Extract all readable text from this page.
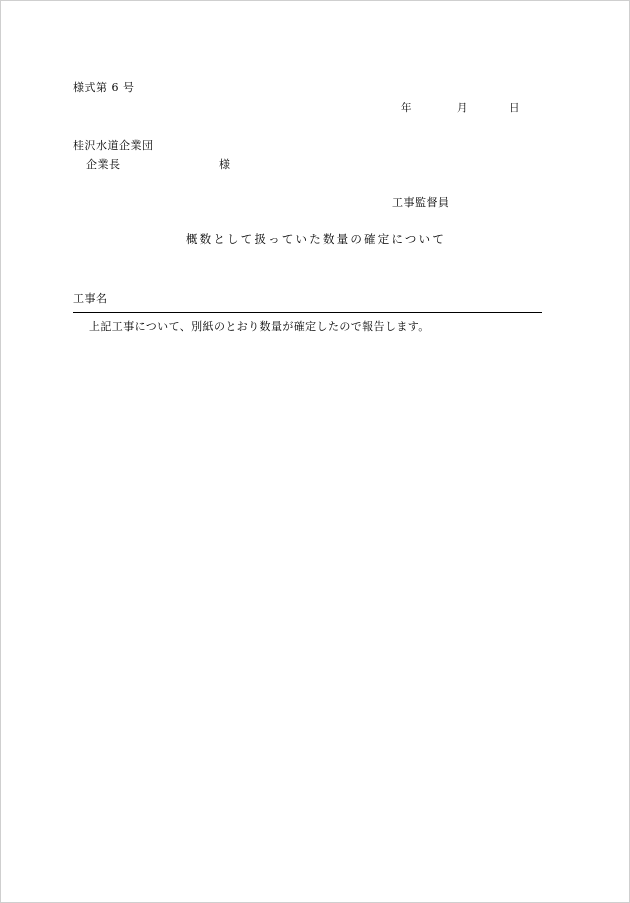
様式第 6 号
年	月	日
桂沢水道企業団
企業長	様
工事監督員
概数として扱っていた数量の確定について
工事名
上記工事について、別紙のとおり数量が確定したので報告します。
